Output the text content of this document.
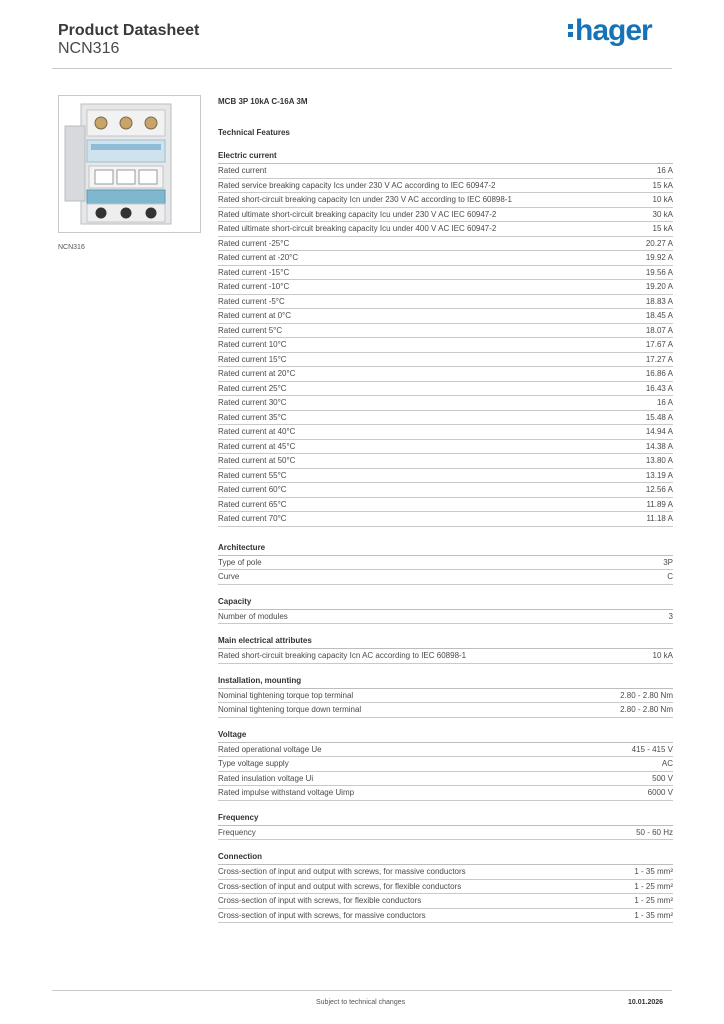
Product Datasheet
NCN316
hager
NCN316
MCB 3P 10kA C-16A 3M
Technical Features
Electric current
Rated current	16 A
Rated service breaking capacity Ics under 230 V AC according to IEC 60947-2	15 kA
Rated short-circuit breaking capacity Icn under 230 V AC according to IEC 60898-1	10 kA
Rated ultimate short-circuit breaking capacity Icu under 230 V AC IEC 60947-2	30 kA
Rated ultimate short-circuit breaking capacity Icu under 400 V AC IEC 60947-2	15 kA
Rated current -25°C	20.27 A
Rated current at -20°C	19.92 A
Rated current -15°C	19.56 A
Rated current -10°C	19.20 A
Rated current -5°C	18.83 A
Rated current at 0°C	18.45 A
Rated current 5°C	18.07 A
Rated current 10°C	17.67 A
Rated current 15°C	17.27 A
Rated current at 20°C	16.86 A
Rated current 25°C	16.43 A
Rated current 30°C	16 A
Rated current 35°C	15.48 A
Rated current at 40°C	14.94 A
Rated current at 45°C	14.38 A
Rated current at 50°C	13.80 A
Rated current 55°C	13.19 A
Rated current 60°C	12.56 A
Rated current 65°C	11.89 A
Rated current 70°C	11.18 A
Architecture
Type of pole	3P
Curve	C
Capacity
Number of modules	3
Main electrical attributes
Rated short-circuit breaking capacity Icn AC according to IEC 60898-1	10 kA
Installation, mounting
Nominal tightening torque top terminal	2.80 - 2.80 Nm
Nominal tightening torque down terminal	2.80 - 2.80 Nm
Voltage
Rated operational voltage Ue	415 - 415 V
Type voltage supply	AC
Rated insulation voltage Ui	500 V
Rated impulse withstand voltage Uimp	6000 V
Frequency
Frequency	50 - 60 Hz
Connection
Cross-section of input and output with screws, for massive conductors	1 - 35 mm²
Cross-section of input and output with screws, for flexible conductors	1 - 25 mm²
Cross-section of input with screws, for flexible conductors	1 - 25 mm²
Cross-section of input with screws, for massive conductors	1 - 35 mm²
Subject to technical changes	10.01.2026
